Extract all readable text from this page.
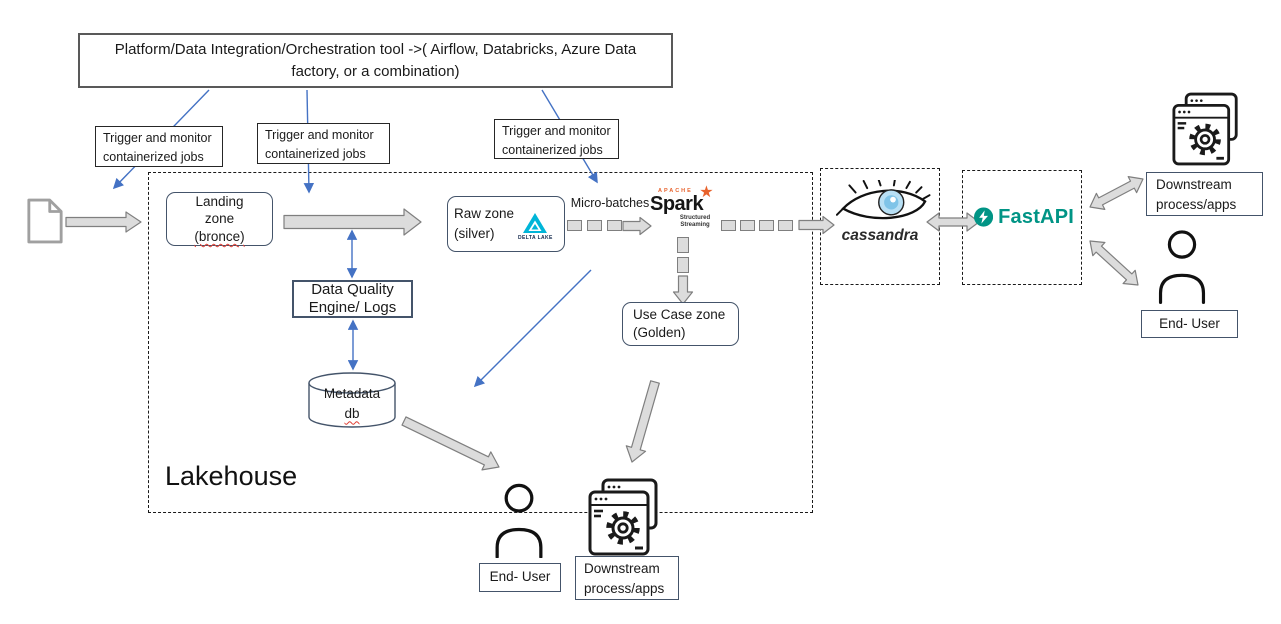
Lakehouse
Platform/Data Integration/Orchestration tool ->( Airflow, Databricks, Azure Data factory, or a combination)
Trigger and monitor containerized jobs
Trigger and monitor containerized jobs
Trigger and monitor containerized jobs
Landing
zone
(bronce)
Data Quality
Engine/ Logs
Metadata
db
Raw zone
(silver)	DELTA LAKE
Micro-batches
APACHE
Spark
★
Structured
Streaming
Use Case zone
(Golden)
cassandra
FastAPI
Downstream
process/apps
End- User
End- User
Downstream
process/apps
